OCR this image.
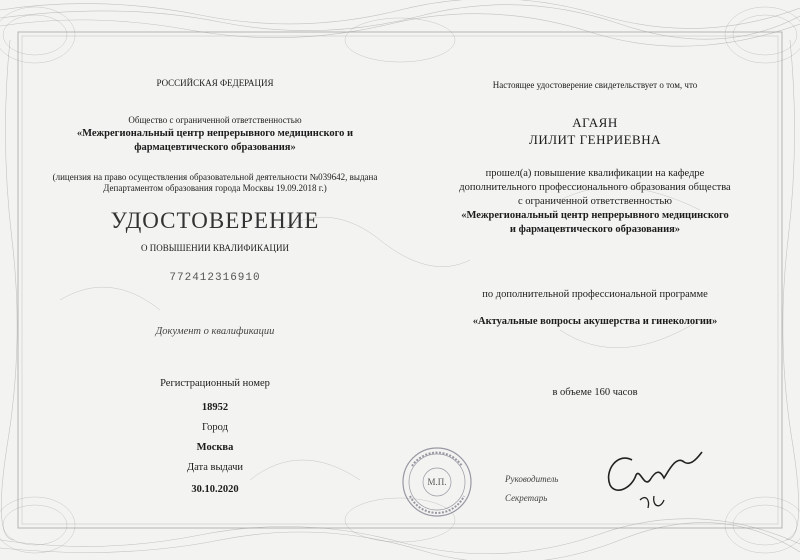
РОССИЙСКАЯ ФЕДЕРАЦИЯ
Общество с ограниченной ответственностью
«Межрегиональный центр непрерывного медицинского и
фармацевтического образования»
(лицензия на право осуществления образовательной деятельности №039642, выдана
Департаментом образования города Москвы 19.09.2018 г.)
УДОСТОВЕРЕНИЕ
О ПОВЫШЕНИИ КВАЛИФИКАЦИИ
772412316910
Документ о квалификации
Регистрационный номер
18952
Город
Москва
Дата выдачи
30.10.2020
Настоящее удостоверение свидетельствует о том, что
АГАЯН
ЛИЛИТ ГЕНРИЕВНА
прошел(а) повышение квалификации на кафедре
дополнительного профессионального образования общества
с ограниченной ответственностью
«Межрегиональный центр непрерывного медицинского
и фармацевтического образования»
по дополнительной профессиональной программе
«Актуальные вопросы акушерства и гинекологии»
в объеме 160 часов
М.П.	Руководитель
Секретарь
